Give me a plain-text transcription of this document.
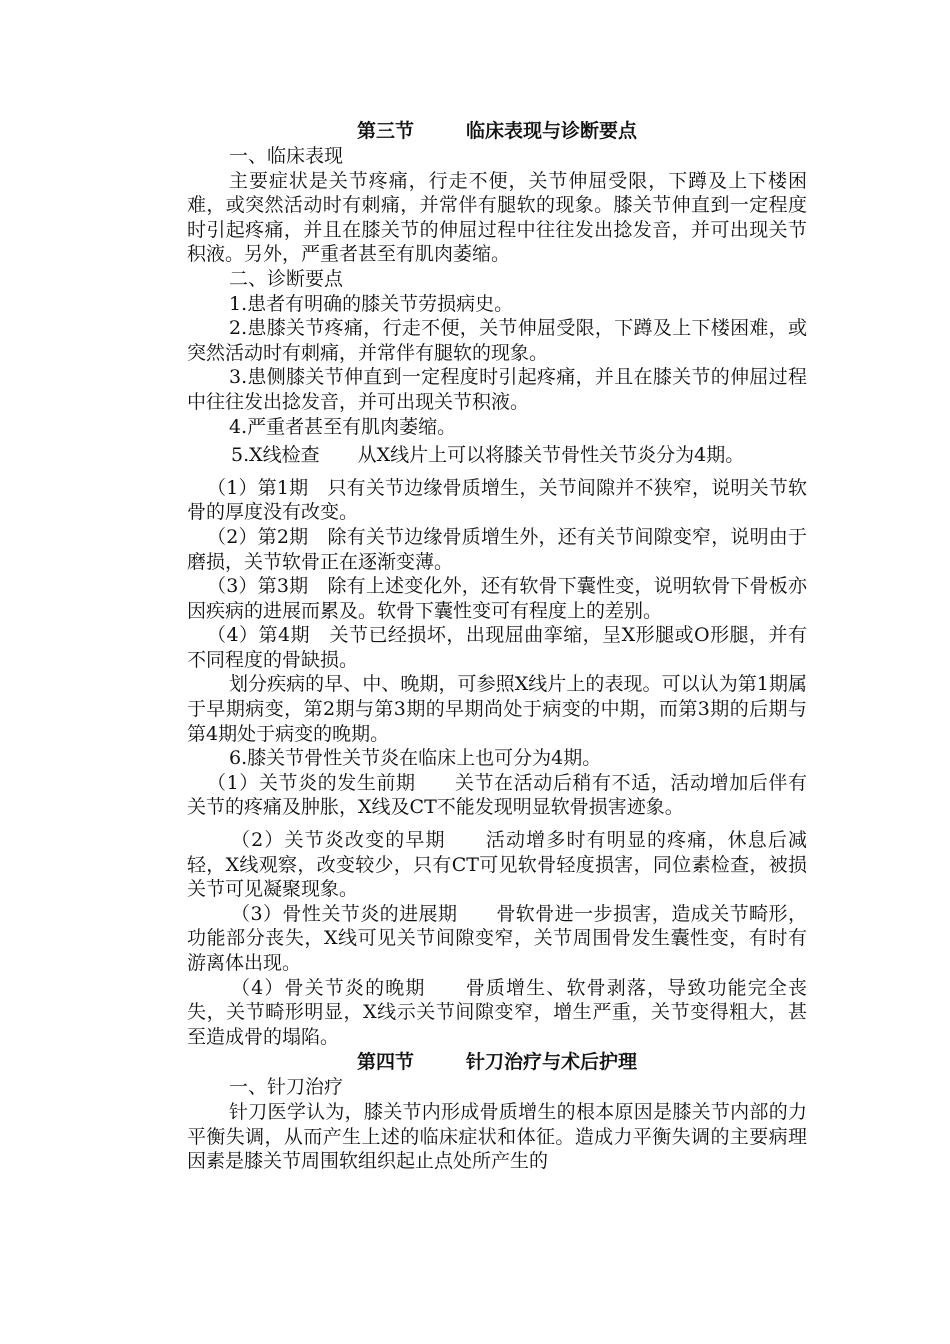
第三节	临床表现与诊断要点

一、临床表现

主要症状是关节疼痛，行走不便，关节伸屈受限，下蹲及上下楼困难，或突然活动时有刺痛，并常伴有腿软的现象。膝关节伸直到一定程度时引起疼痛，并且在膝关节的伸屈过程中往往发出捻发音，并可出现关节积液。另外，严重者甚至有肌肉萎缩。

二、诊断要点

1.患者有明确的膝关节劳损病史。

2.患膝关节疼痛，行走不便，关节伸屈受限，下蹲及上下楼困难，或突然活动时有刺痛，并常伴有腿软的现象。

3.患侧膝关节伸直到一定程度时引起疼痛，并且在膝关节的伸屈过程中往往发出捻发音，并可出现关节积液。

4.严重者甚至有肌肉萎缩。

5.X线检查　　从X线片上可以将膝关节骨性关节炎分为4期。

（1）第1期　只有关节边缘骨质增生，关节间隙并不狭窄，说明关节软骨的厚度没有改变。

（2）第2期　除有关节边缘骨质增生外，还有关节间隙变窄，说明由于磨损，关节软骨正在逐渐变薄。

（3）第3期　除有上述变化外，还有软骨下囊性变，说明软骨下骨板亦因疾病的进展而累及。软骨下囊性变可有程度上的差别。

（4）第4期　关节已经损坏，出现屈曲挛缩，呈X形腿或O形腿，并有不同程度的骨缺损。

划分疾病的早、中、晚期，可参照X线片上的表现。可以认为第1期属于早期病变，第2期与第3期的早期尚处于病变的中期，而第3期的后期与第4期处于病变的晚期。

6.膝关节骨性关节炎在临床上也可分为4期。

（1）关节炎的发生前期　　关节在活动后稍有不适，活动增加后伴有关节的疼痛及肿胀，X线及CT不能发现明显软骨损害迹象。

（2）关节炎改变的早期　　活动增多时有明显的疼痛，休息后减轻，X线观察，改变较少，只有CT可见软骨轻度损害，同位素检查，被损关节可见凝聚现象。

（3）骨性关节炎的进展期　　骨软骨进一步损害，造成关节畸形，功能部分丧失，X线可见关节间隙变窄，关节周围骨发生囊性变，有时有游离体出现。

（4）骨关节炎的晚期　　骨质增生、软骨剥落，导致功能完全丧失，关节畸形明显，X线示关节间隙变窄，增生严重，关节变得粗大，甚至造成骨的塌陷。

第四节	针刀治疗与术后护理

一、针刀治疗

针刀医学认为，膝关节内形成骨质增生的根本原因是膝关节内部的力平衡失调，从而产生上述的临床症状和体征。造成力平衡失调的主要病理因素是膝关节周围软组织起止点处所产生的
